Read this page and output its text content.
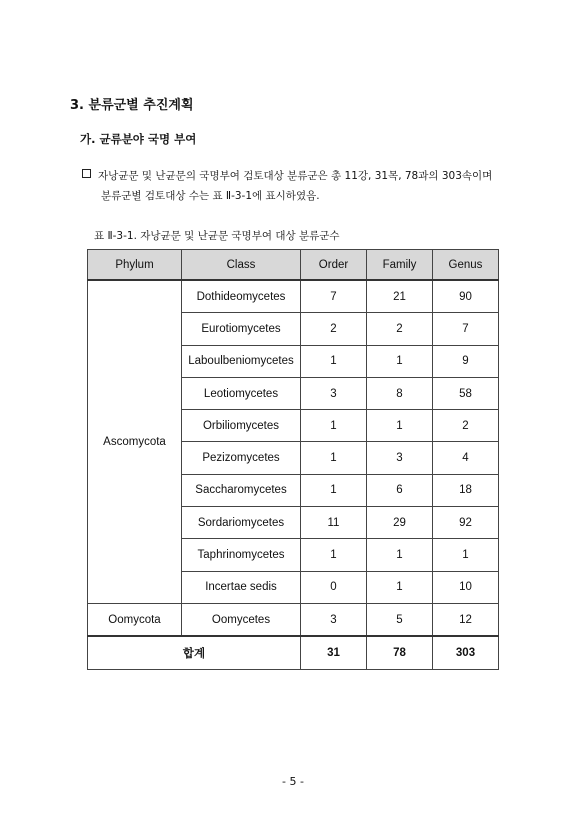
3. 분류군별 추진계획
가. 균류분야 국명 부여
자낭균문 및 난균문의 국명부여 검토대상 분류군은 총 11강, 31목, 78과의 303속이며
분류군별 검토대상 수는 표 Ⅱ-3-1에 표시하였음.
표 Ⅱ-3-1. 자낭균문 및 난균문 국명부여 대상 분류군수
Phylum	Class	Order	Family	Genus
Ascomycota	Dothideomycetes	7	21	90
	Eurotiomycetes	2	2	7
	Laboulbeniomycetes	1	1	9
	Leotiomycetes	3	8	58
	Orbiliomycetes	1	1	2
	Pezizomycetes	1	3	4
	Saccharomycetes	1	6	18
	Sordariomycetes	11	29	92
	Taphrinomycetes	1	1	1
	Incertae sedis	0	1	10
Oomycota	Oomycetes	3	5	12
합계		31	78	303
- 5 -
